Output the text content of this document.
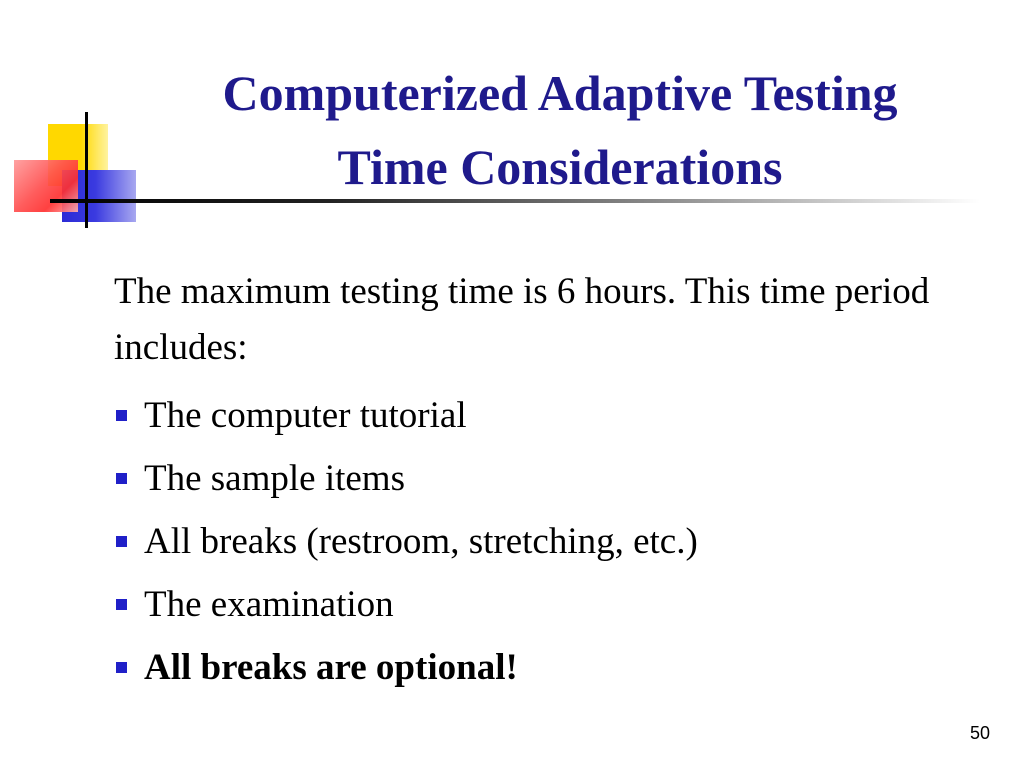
Computerized Adaptive Testing
Time Considerations

The maximum testing time is 6 hours. This time period includes:

The computer tutorial
The sample items
All breaks (restroom, stretching, etc.)
The examination
All breaks are optional!
50
